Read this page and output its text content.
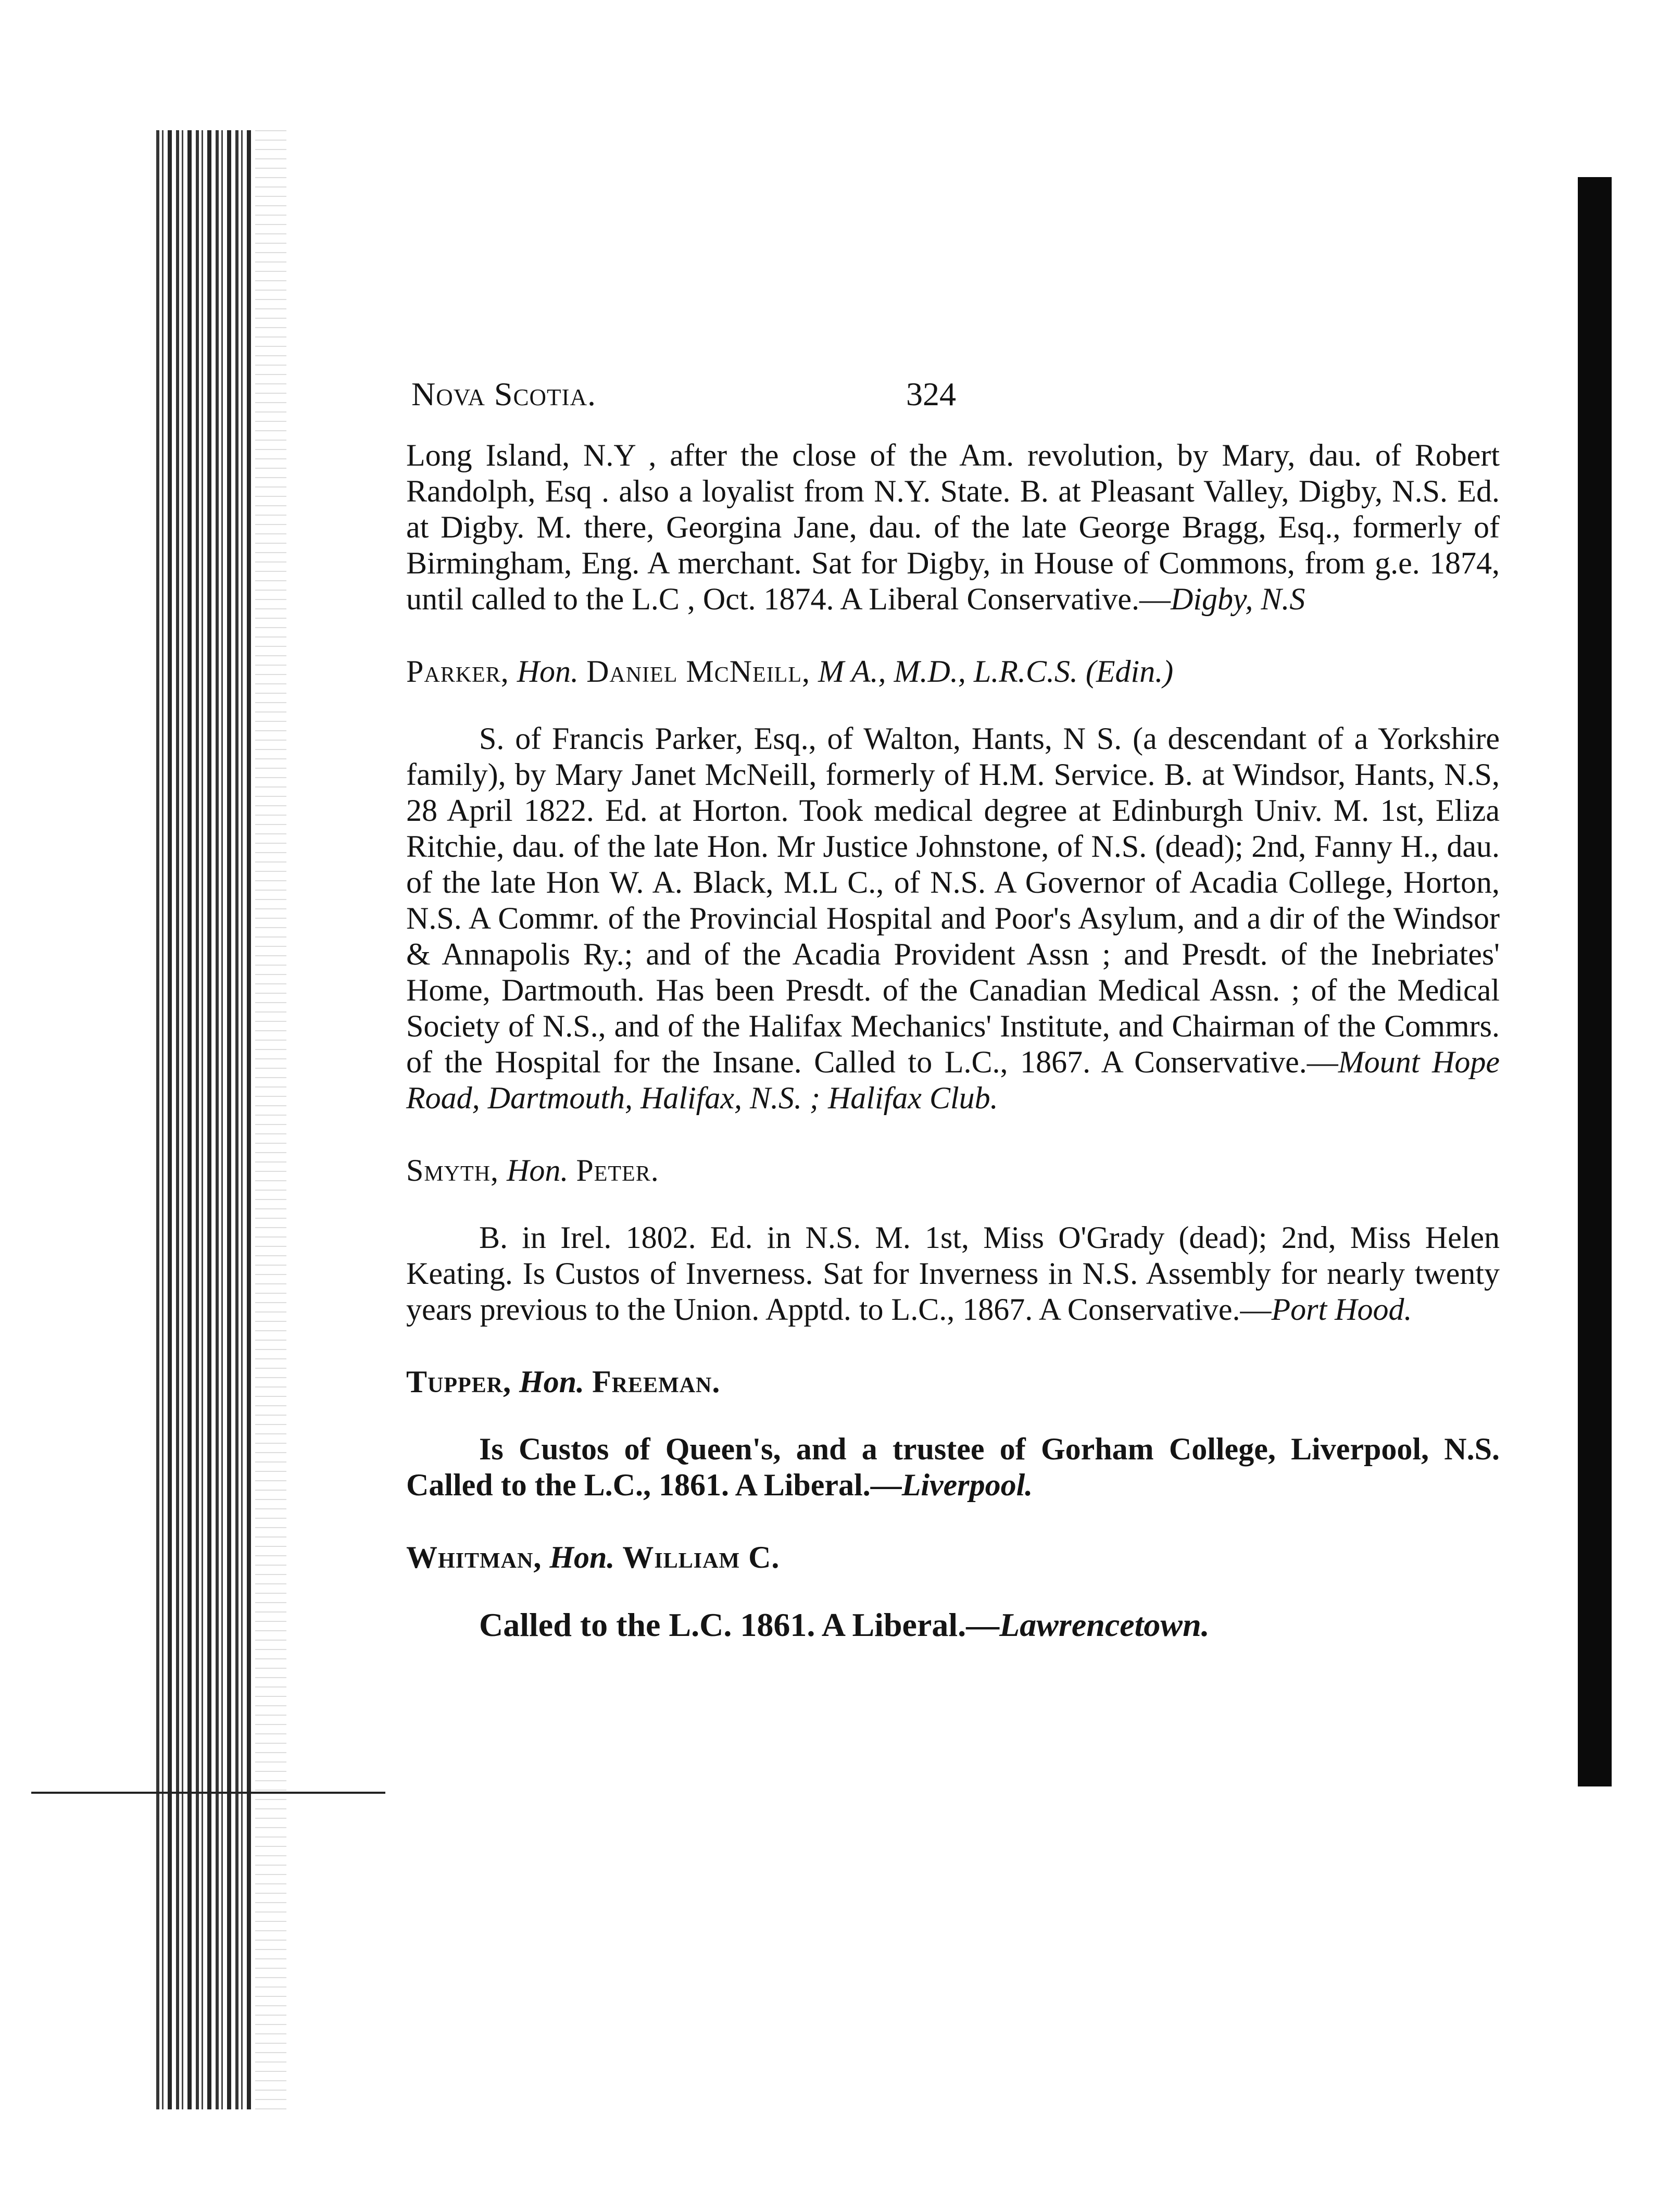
Nova Scotia.	324

Long Island, N.Y , after the close of the Am. revolution, by Mary, dau. of Robert Randolph, Esq . also a loyalist from N.Y. State. B. at Pleasant Valley, Digby, N.S. Ed. at Digby. M. there, Georgina Jane, dau. of the late George Bragg, Esq., formerly of Birmingham, Eng. A merchant. Sat for Digby, in House of Commons, from g.e. 1874, until called to the L.C , Oct. 1874. A Liberal Conservative.—Digby, N.S

Parker, Hon. Daniel McNeill, M A., M.D., L.R.C.S. (Edin.)

S. of Francis Parker, Esq., of Walton, Hants, N S. (a descendant of a Yorkshire family), by Mary Janet McNeill, formerly of H.M. Service. B. at Windsor, Hants, N.S, 28 April 1822. Ed. at Horton. Took medical degree at Edinburgh Univ. M. 1st, Eliza Ritchie, dau. of the late Hon. Mr Justice Johnstone, of N.S. (dead); 2nd, Fanny H., dau. of the late Hon W. A. Black, M.L C., of N.S. A Governor of Acadia College, Horton, N.S. A Commr. of the Provincial Hospital and Poor's Asylum, and a dir of the Windsor & Annapolis Ry.; and of the Acadia Provident Assn ; and Presdt. of the Inebriates' Home, Dartmouth. Has been Presdt. of the Canadian Medical Assn. ; of the Medical Society of N.S., and of the Halifax Mechanics' Institute, and Chairman of the Commrs. of the Hospital for the Insane. Called to L.C., 1867. A Conservative.—Mount Hope Road, Dartmouth, Halifax, N.S. ; Halifax Club.

Smyth, Hon. Peter.

B. in Irel. 1802. Ed. in N.S. M. 1st, Miss O'Grady (dead); 2nd, Miss Helen Keating. Is Custos of Inverness. Sat for Inverness in N.S. Assembly for nearly twenty years previous to the Union. Apptd. to L.C., 1867. A Conservative.—Port Hood.

Tupper, Hon. Freeman.

Is Custos of Queen's, and a trustee of Gorham College, Liverpool, N.S. Called to the L.C., 1861. A Liberal.—Liverpool.

Whitman, Hon. William C.

Called to the L.C. 1861. A Liberal.—Lawrencetown.
